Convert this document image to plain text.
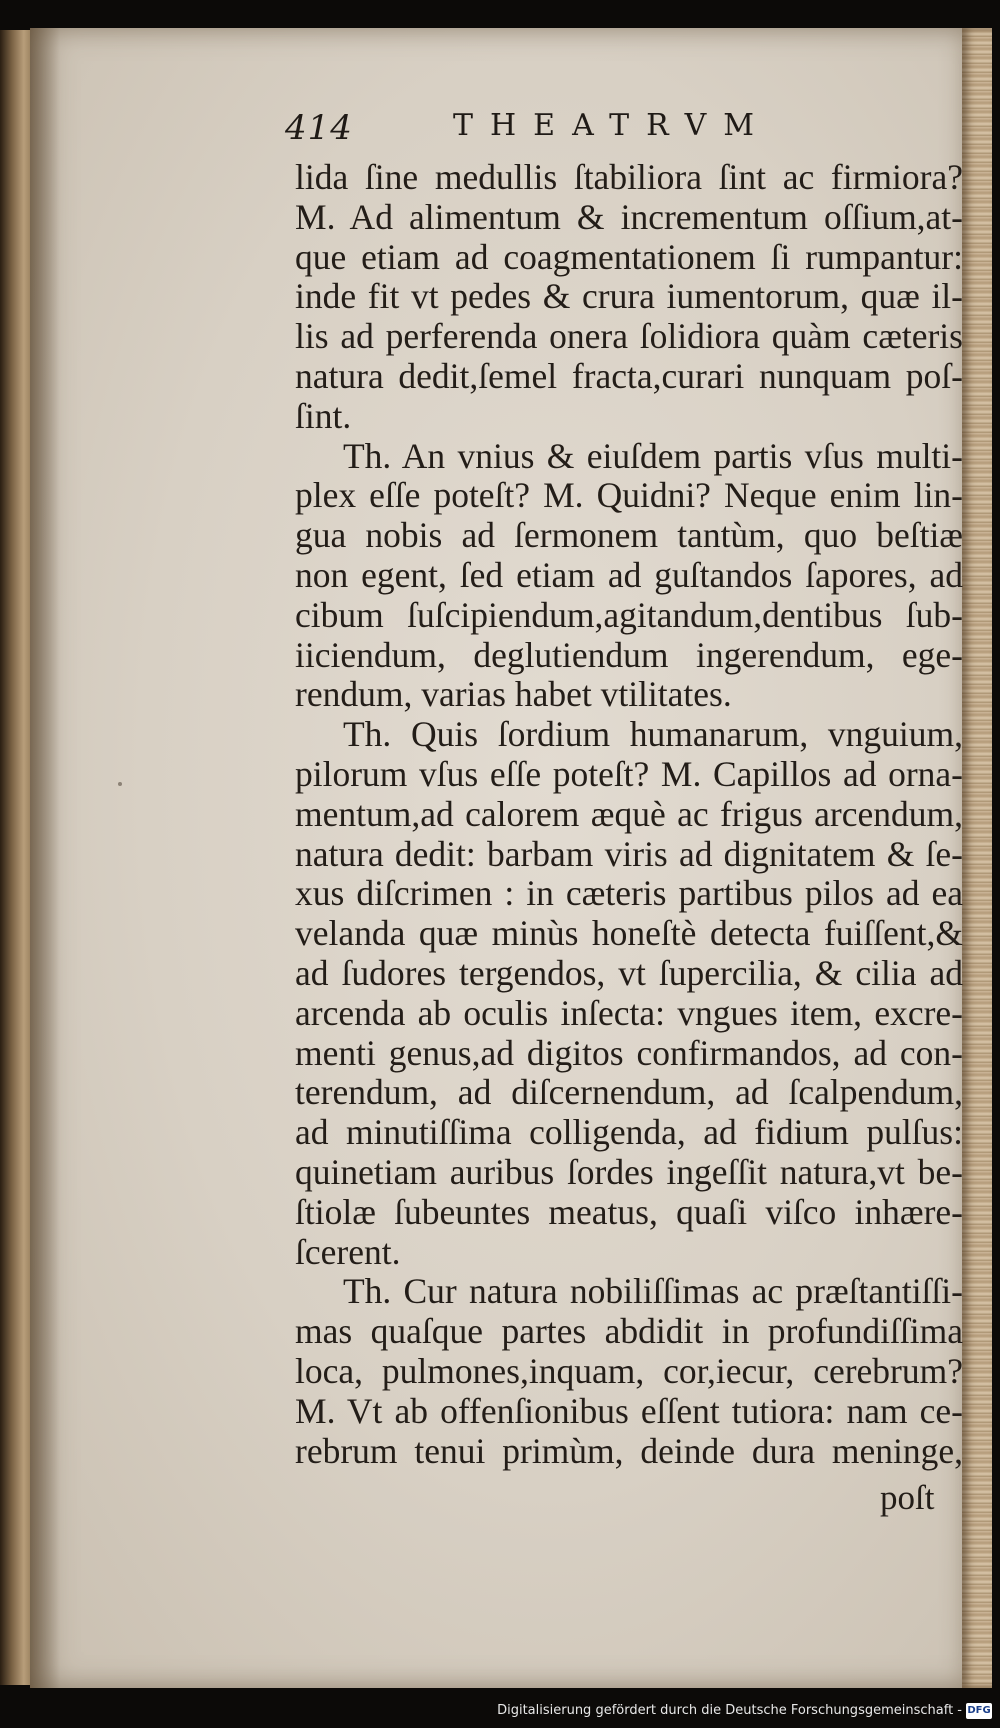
414	THEATRVM
lida ſine medullis ſtabiliora ſint ac firmiora?
M. Ad alimentum & incrementum oſſium,at-
que etiam ad coagmentationem ſi rumpantur:
inde fit vt pedes & crura iumentorum, quæ il-
lis ad perferenda onera ſolidiora quàm cæteris
natura dedit,ſemel fracta,curari nunquam poſ-
ſint.
Th. An vnius & eiuſdem partis vſus multi-
plex eſſe poteſt? M. Quidni? Neque enim lin-
gua nobis ad ſermonem tantùm, quo beſtiæ
non egent, ſed etiam ad guſtandos ſapores, ad
cibum ſuſcipiendum,agitandum,dentibus ſub-
iiciendum, deglutiendum ingerendum, ege-
rendum, varias habet vtilitates.
Th. Quis ſordium humanarum, vnguium,
pilorum vſus eſſe poteſt? M. Capillos ad orna-
mentum,ad calorem æquè ac frigus arcendum,
natura dedit: barbam viris ad dignitatem & ſe-
xus diſcrimen : in cæteris partibus pilos ad ea
velanda quæ minùs honeſtè detecta fuiſſent,&
ad ſudores tergendos, vt ſupercilia, & cilia ad
arcenda ab oculis inſecta: vngues item, excre-
menti genus,ad digitos confirmandos, ad con-
terendum, ad diſcernendum, ad ſcalpendum,
ad minutiſſima colligenda, ad fidium pulſus:
quinetiam auribus ſordes ingeſſit natura,vt be-
ſtiolæ ſubeuntes meatus, quaſi viſco inhære-
ſcerent.
Th. Cur natura nobiliſſimas ac præſtantiſſi-
mas quaſque partes abdidit in profundiſſima
loca, pulmones,inquam, cor,iecur, cerebrum?
M. Vt ab offenſionibus eſſent tutiora: nam ce-
rebrum tenui primùm, deinde dura meninge,
poſt
Digitalisierung gefördert durch die Deutsche Forschungsgemeinschaft - DFG
